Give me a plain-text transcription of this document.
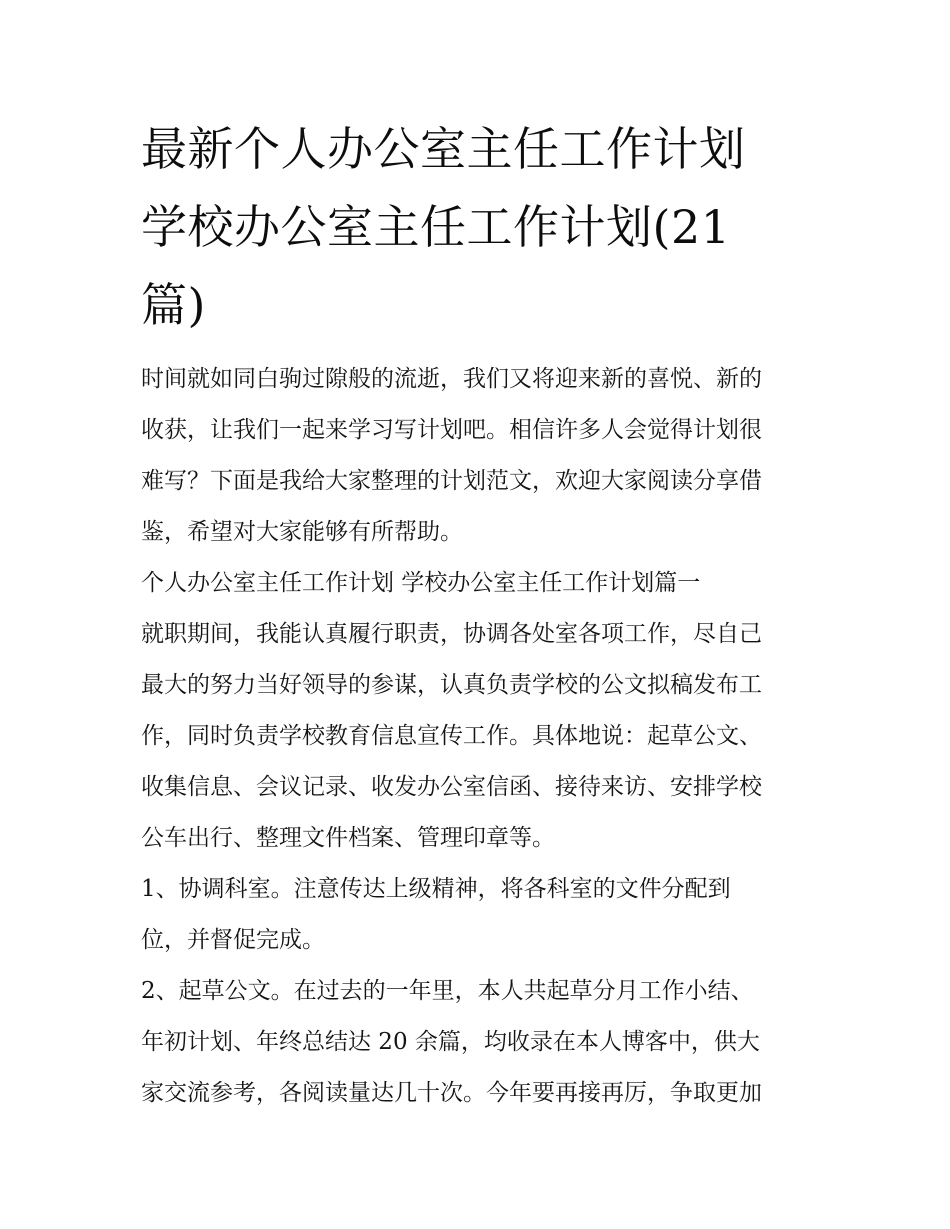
最新个人办公室主任工作计划
学校办公室主任工作计划(21
篇)

时间就如同白驹过隙般的流逝，我们又将迎来新的喜悦、新的
收获，让我们一起来学习写计划吧。相信许多人会觉得计划很
难写？下面是我给大家整理的计划范文，欢迎大家阅读分享借
鉴，希望对大家能够有所帮助。

个人办公室主任工作计划 学校办公室主任工作计划篇一

就职期间，我能认真履行职责，协调各处室各项工作，尽自己
最大的努力当好领导的参谋，认真负责学校的公文拟稿发布工
作，同时负责学校教育信息宣传工作。具体地说：起草公文、
收集信息、会议记录、收发办公室信函、接待来访、安排学校
公车出行、整理文件档案、管理印章等。

1、协调科室。注意传达上级精神，将各科室的文件分配到
位，并督促完成。

2、起草公文。在过去的一年里，本人共起草分月工作小结、
年初计划、年终总结达 20 余篇，均收录在本人博客中，供大
家交流参考，各阅读量达几十次。今年要再接再厉，争取更加
